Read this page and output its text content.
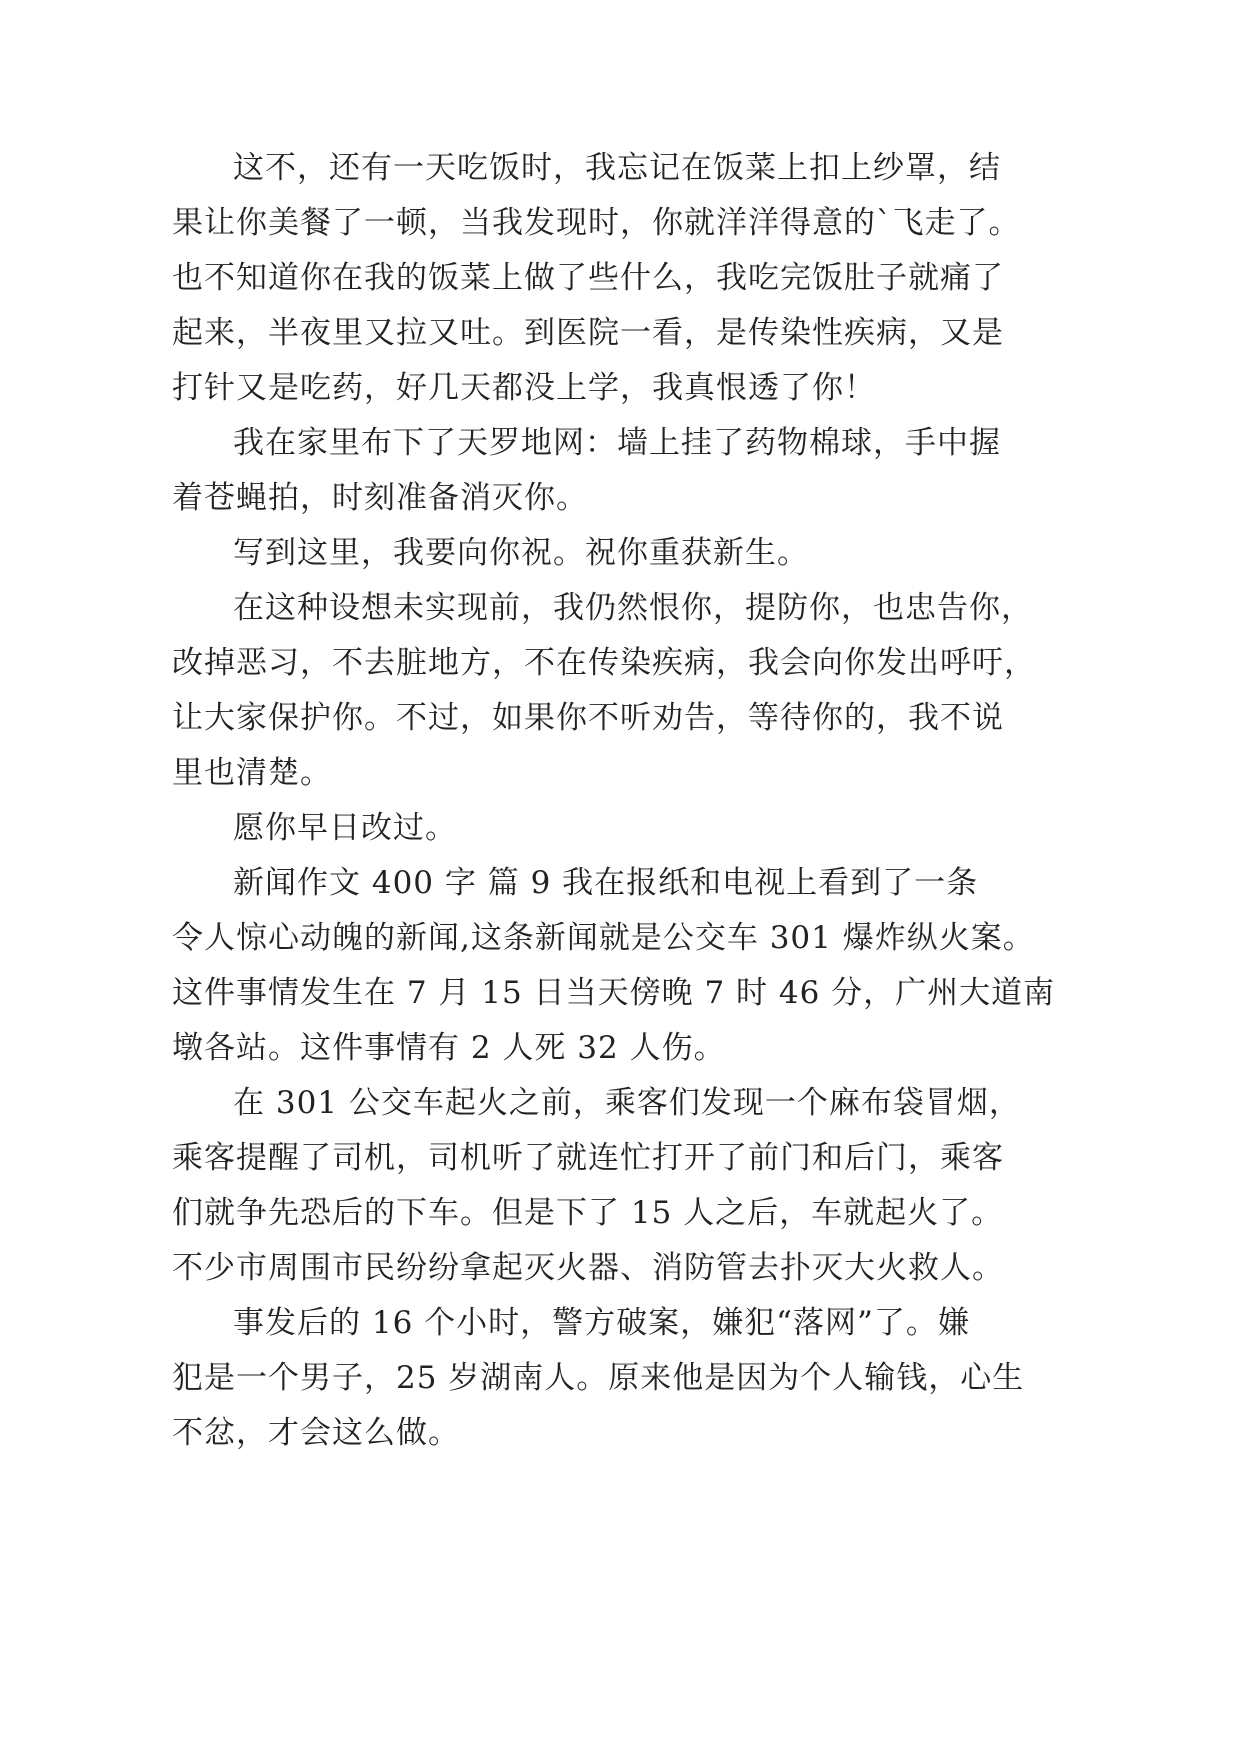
这不，还有一天吃饭时，我忘记在饭菜上扣上纱罩，结
果让你美餐了一顿，当我发现时，你就洋洋得意的`飞走了。
也不知道你在我的饭菜上做了些什么，我吃完饭肚子就痛了
起来，半夜里又拉又吐。到医院一看，是传染性疾病，又是
打针又是吃药，好几天都没上学，我真恨透了你！
我在家里布下了天罗地网：墙上挂了药物棉球，手中握
着苍蝇拍，时刻准备消灭你。
写到这里，我要向你祝。祝你重获新生。
在这种设想未实现前，我仍然恨你，提防你，也忠告你，
改掉恶习，不去脏地方，不在传染疾病，我会向你发出呼吁，
让大家保护你。不过，如果你不听劝告，等待你的，我不说
里也清楚。
愿你早日改过。
新闻作文 400 字 篇 9 我在报纸和电视上看到了一条
令人惊心动魄的新闻,这条新闻就是公交车 301 爆炸纵火案。
这件事情发生在 7 月 15 日当天傍晚 7 时 46 分，广州大道南
墩各站。这件事情有 2 人死 32 人伤。
在 301 公交车起火之前，乘客们发现一个麻布袋冒烟，
乘客提醒了司机，司机听了就连忙打开了前门和后门，乘客
们就争先恐后的下车。但是下了 15 人之后，车就起火了。
不少市周围市民纷纷拿起灭火器、消防管去扑灭大火救人。
事发后的 16 个小时，警方破案，嫌犯“落网”了。嫌
犯是一个男子，25 岁湖南人。原来他是因为个人输钱，心生
不忿，才会这么做。
